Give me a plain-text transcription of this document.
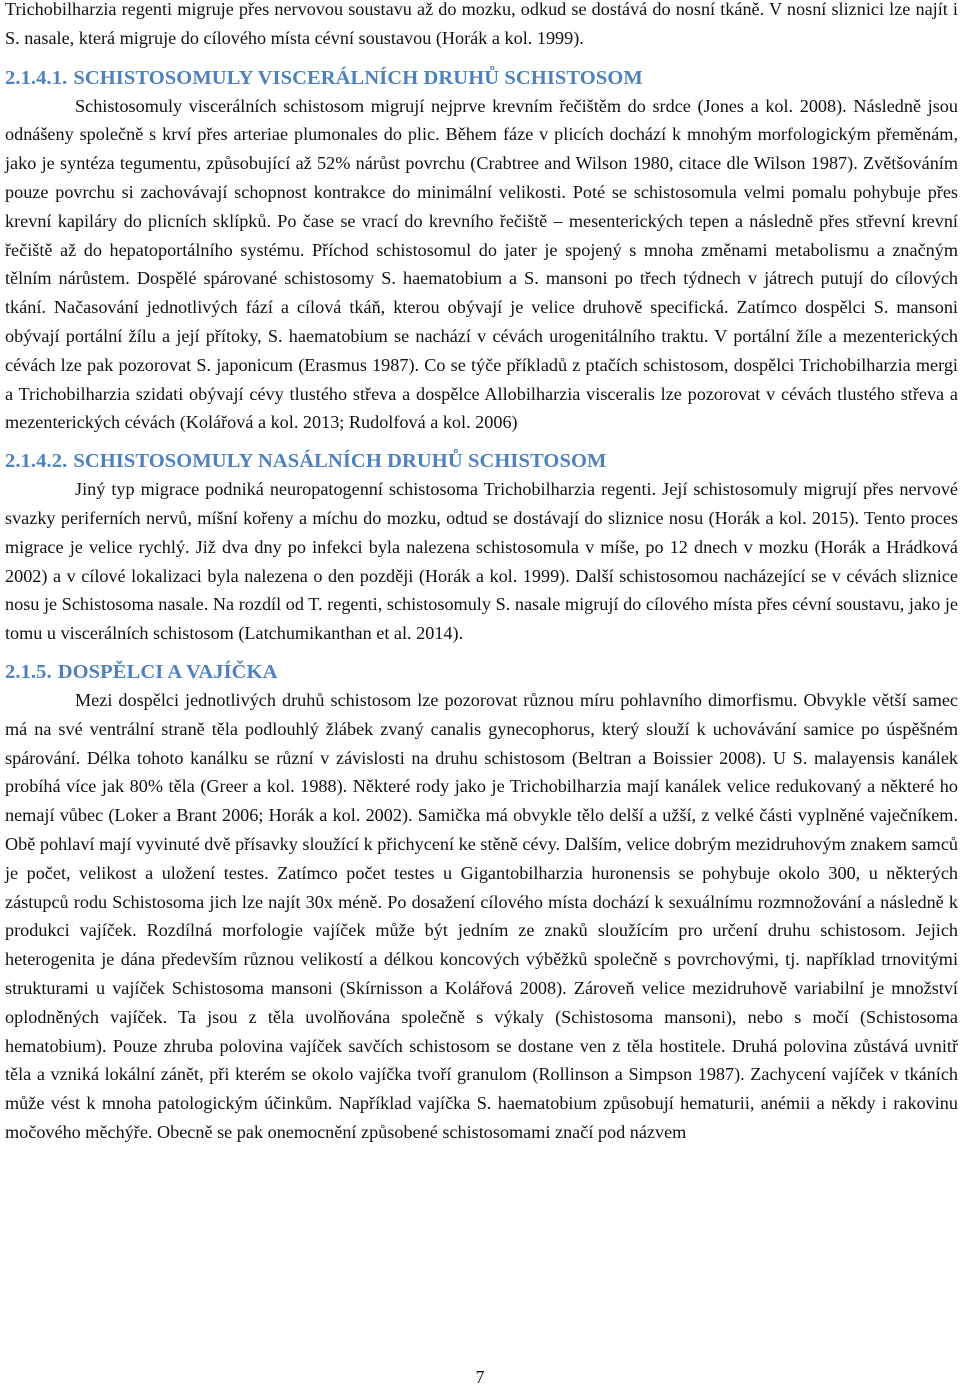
Trichobilharzia regenti migruje přes nervovou soustavu až do mozku, odkud se dostává do nosní tkáně. V nosní sliznici lze najít i S. nasale, která migruje do cílového místa cévní soustavou (Horák a kol. 1999).

2.1.4.1. SCHISTOSOMULY VISCERÁLNÍCH DRUHŮ SCHISTOSOM

Schistosomuly viscerálních schistosom migrují nejprve krevním řečištěm do srdce (Jones a kol. 2008). Následně jsou odnášeny společně s krví přes arteriae plumonales do plic. Během fáze v plicích dochází k mnohým morfologickým přeměnám, jako je syntéza tegumentu, způsobující až 52% nárůst povrchu (Crabtree and Wilson 1980, citace dle Wilson 1987). Zvětšováním pouze povrchu si zachovávají schopnost kontrakce do minimální velikosti. Poté se schistosomula velmi pomalu pohybuje přes krevní kapiláry do plicních sklípků. Po čase se vrací do krevního řečiště – mesenterických tepen a následně přes střevní krevní řečiště až do hepatoportálního systému. Příchod schistosomul do jater je spojený s mnoha změnami metabolismu a značným tělním nárůstem. Dospělé spárované schistosomy S. haematobium a S. mansoni po třech týdnech v játrech putují do cílových tkání. Načasování jednotlivých fází a cílová tkáň, kterou obývají je velice druhově specifická. Zatímco dospělci S. mansoni obývají portální žílu a její přítoky, S. haematobium se nachází v cévách urogenitálního traktu. V portální žíle a mezenterických cévách lze pak pozorovat S. japonicum (Erasmus 1987). Co se týče příkladů z ptačích schistosom, dospělci Trichobilharzia mergi a Trichobilharzia szidati obývají cévy tlustého střeva a dospělce Allobilharzia visceralis lze pozorovat v cévách tlustého střeva a mezenterických cévách (Kolářová a kol. 2013; Rudolfová a kol. 2006)

2.1.4.2. SCHISTOSOMULY NASÁLNÍCH DRUHŮ SCHISTOSOM

Jiný typ migrace podniká neuropatogenní schistosoma Trichobilharzia regenti. Její schistosomuly migrují přes nervové svazky periferních nervů, míšní kořeny a míchu do mozku, odtud se dostávají do sliznice nosu (Horák a kol. 2015). Tento proces migrace je velice rychlý. Již dva dny po infekci byla nalezena schistosomula v míše, po 12 dnech v mozku (Horák a Hrádková 2002) a v cílové lokalizaci byla nalezena o den později (Horák a kol. 1999). Další schistosomou nacházející se v cévách sliznice nosu je Schistosoma nasale. Na rozdíl od T. regenti, schistosomuly S. nasale migrují do cílového místa přes cévní soustavu, jako je tomu u viscerálních schistosom (Latchumikanthan et al. 2014).

2.1.5. DOSPĚLCI A VAJÍČKA

Mezi dospělci jednotlivých druhů schistosom lze pozorovat různou míru pohlavního dimorfismu. Obvykle větší samec má na své ventrální straně těla podlouhlý žlábek zvaný canalis gynecophorus, který slouží k uchovávání samice po úspěšném spárování. Délka tohoto kanálku se různí v závislosti na druhu schistosom (Beltran a Boissier 2008). U S. malayensis kanálek probíhá více jak 80% těla (Greer a kol. 1988). Některé rody jako je Trichobilharzia mají kanálek velice redukovaný a některé ho nemají vůbec (Loker a Brant 2006; Horák a kol. 2002). Samička má obvykle tělo delší a užší, z velké části vyplněné vaječníkem. Obě pohlaví mají vyvinuté dvě přísavky sloužící k přichycení ke stěně cévy. Dalším, velice dobrým mezidruhovým znakem samců je počet, velikost a uložení testes. Zatímco počet testes u Gigantobilharzia huronensis se pohybuje okolo 300, u některých zástupců rodu Schistosoma jich lze najít 30x méně. Po dosažení cílového místa dochází k sexuálnímu rozmnožování a následně k produkci vajíček. Rozdílná morfologie vajíček může být jedním ze znaků sloužícím pro určení druhu schistosom. Jejich heterogenita je dána především různou velikostí a délkou koncových výběžků společně s povrchovými, tj. například trnovitými strukturami u vajíček Schistosoma mansoni (Skírnisson a Kolářová 2008). Zároveň velice mezidruhově variabilní je množství oplodněných vajíček. Ta jsou z těla uvolňována společně s výkaly (Schistosoma mansoni), nebo s močí (Schistosoma hematobium). Pouze zhruba polovina vajíček savčích schistosom se dostane ven z těla hostitele. Druhá polovina zůstává uvnitř těla a vzniká lokální zánět, při kterém se okolo vajíčka tvoří granulom (Rollinson a Simpson 1987). Zachycení vajíček v tkáních může vést k mnoha patologickým účinkům. Například vajíčka S. haematobium způsobují hematurii, anémii a někdy i rakovinu močového měchýře. Obecně se pak onemocnění způsobené schistosomami značí pod názvem

7
